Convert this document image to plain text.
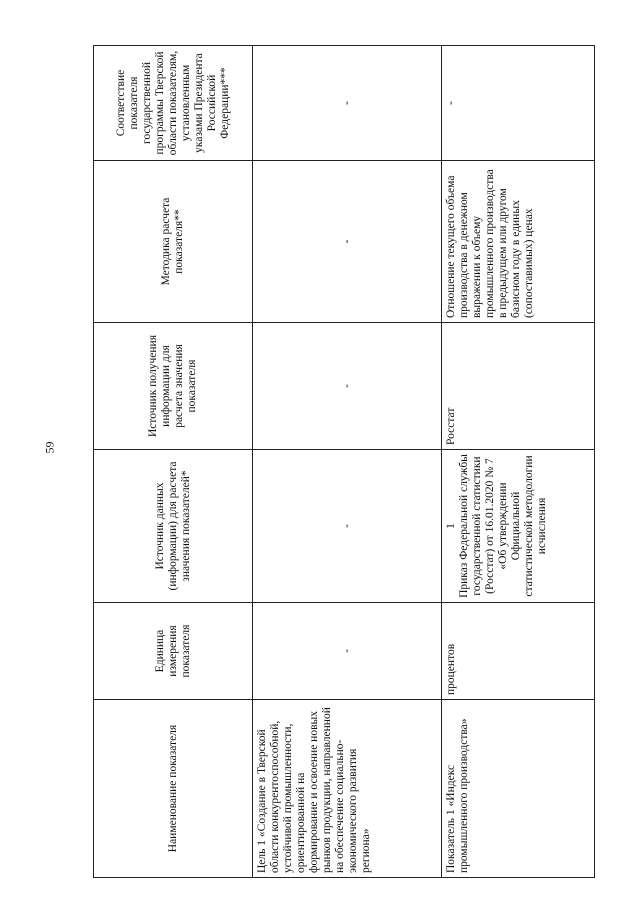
59
Наименование показателя	Единица измерения показателя	Источник данных (информации) для расчета значения показателей*	Источник получения информации для расчета значения показателя	Методика расчета показателя**	Соответствие показателя государственной программы Тверской области показателям, установленным указами Президента Российской Федерации***
Цель 1 «Создание в Тверской области конкурентоспособной, устойчивой промышленности, ориентированной на формирование и освоение новых рынков продукции, направленной на обеспечение социально-экономического развития региона»	-	-	-	-	-
Показатель 1 «Индекс промышленного производства»	процентов	1 Приказ Федеральной службы государственной статистики (Росстат) от 16.01.2020 № 7 «Об утверждении Официальной статистической методологии исчисления	Росстат	Отношение текущего объема производства в денежном выражении к объему промышленного производства в предыдущем или другом базисном году в единых (сопоставимых) ценах	-
